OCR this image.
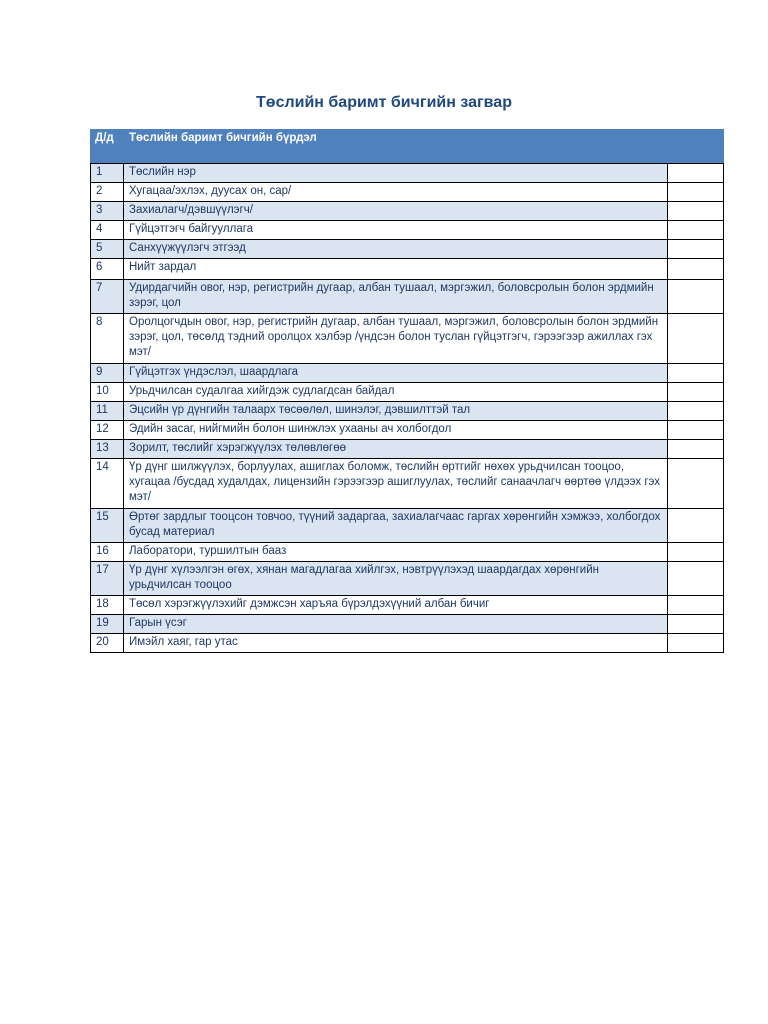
Төслийн баримт бичгийн загвар
Д/д	Төслийн баримт бичгийн бүрдэл	
1	Төслийн нэр	
2	Хугацаа/эхлэх, дуусах он, сар/	
3	Захиалагч/дэвшүүлэгч/	
4	Гүйцэтгэгч байгууллага	
5	Санхүүжүүлэгч этгээд	
6	Нийт зардал	
7	Удирдагчийн овог, нэр, регистрийн дугаар, албан тушаал, мэргэжил, боловсролын болон эрдмийн зэрэг, цол	
8	Оролцогчдын овог, нэр, регистрийн дугаар, албан тушаал, мэргэжил, боловсролын болон эрдмийн зэрэг, цол, төсөлд тэдний оролцох хэлбэр /үндсэн болон туслан гүйцэтгэгч, гэрээгээр ажиллах гэх мэт/	
9	Гүйцэтгэх үндэслэл, шаардлага	
10	Урьдчилсан судалгаа хийгдэж судлагдсан байдал	
11	Эцсийн үр дүнгийн талаарх төсөөлөл, шинэлэг, дэвшилттэй тал	
12	Эдийн засаг, нийгмийн болон шинжлэх ухааны ач холбогдол	
13	Зорилт, төслийг хэрэгжүүлэх төлөвлөгөө	
14	Үр дүнг шилжүүлэх, борлуулах, ашиглах боломж, төслийн өртгийг нөхөх урьдчилсан тооцоо, хугацаа /бусдад худалдах, лицензийн гэрээгээр ашиглуулах, төслийг санаачлагч өөртөө үлдээх гэх мэт/	
15	Өртөг зардлыг тооцсон товчоо, түүний задаргаа, захиалагчаас гаргах хөрөнгийн хэмжээ, холбогдох бусад материал	
16	Лаборатори, туршилтын бааз	
17	Үр дүнг хүлээлгэн өгөх, хянан магадлагаа хийлгэх, нэвтрүүлэхэд шаардагдах хөрөнгийн урьдчилсан тооцоо	
18	Төсөл хэрэгжүүлэхийг дэмжсэн харъяа бүрэлдэхүүний албан бичиг	
19	Гарын үсэг	
20	Имэйл хаяг, гар утас	
